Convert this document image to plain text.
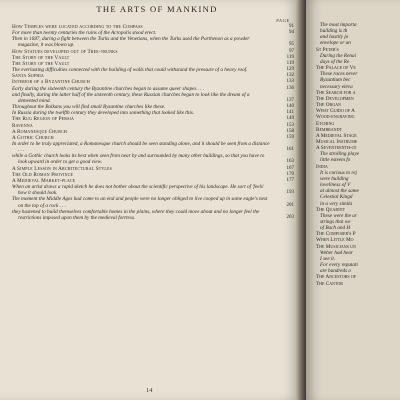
THE ARTS OF MANKIND
PAGE
How Temples were located according to the Compass	91
For more than twenty centuries the ruins of the Acropolis stood erect.	94
Then in 1687, during a fight between the Turks and the Venetians, when the Turks used the Parthenon as a powder magazine, it was blown up.	95
How Statues developed out of Tree-trunks	97
The Story of the Vault	119
The Story of the Vault	119
The everlasting difficulties connected with the building of walls that could withstand the pressure of a heavy roof.	129
Santa Sophia	132
Interior of a Byzantine Church	133
Early during the sixteenth century the Byzantine churches began to assume queer shapes . . .	136
and finally, during the latter half of the sixteenth century, these Russian churches began to look like the dream of a demented mind.	137
Throughout the Balkans you will find small Byzantine churches like these.	140
In Russia during the twelfth century they developed into something that looked like this.	141
The Rug Region of Persia	149
Ravenna	153
A Romanesque Church	158
A Gothic Church	159
In order to be truly appreciated, a Romanesque church should be seen standing alone, and it should be seen from a distance . . .	161
while a Gothic church looks its best when seen from near by and surrounded by many other buildings, so that you have to look upward in order to get a good view.	163
A Simple Lesson in Architectural Styles	167
The Old Roman Province	170
A Medieval Market-place	177
When an artist draws a rapid sketch he does not bother about the scientific perspective of his landscape. He sort of 'feels' how it should look.	193
The moment the Middle Ages had come to an end and people were no longer obliged to live cooped up in some eagle's nest on the top of a rock . . .	201
they hastened to build themselves comfortable homes in the plains, where they could move about and no longer feel the restrictions imposed upon them by the medieval fortress.	203
14
The most importa
building is th
and hastily jo
envelope or an
St Peter's
During the Renai
days of the Re
The Palace of Ve
These races never
Byzantium bec
necessary eleva
The Search for a
The Developmen
The Organ
What Guido of A
Wood-engraving
Etching
Rembrandt
A Medieval Stage
Musical Instrume
A Seventeenth-ce
The strolling playe
little esteem fo
India
It is curious to rej
were building
loveliness of V
at almost the same
Celestial Kingd
in a very simila
The Quartet
These were the ar
strings that we
of Bach and H
The Composer's P
When Little Mo
The Musicians un
Weber had hear
I see it.
For every reputati
are hundreds o
The Ancestors of
The Cantor
